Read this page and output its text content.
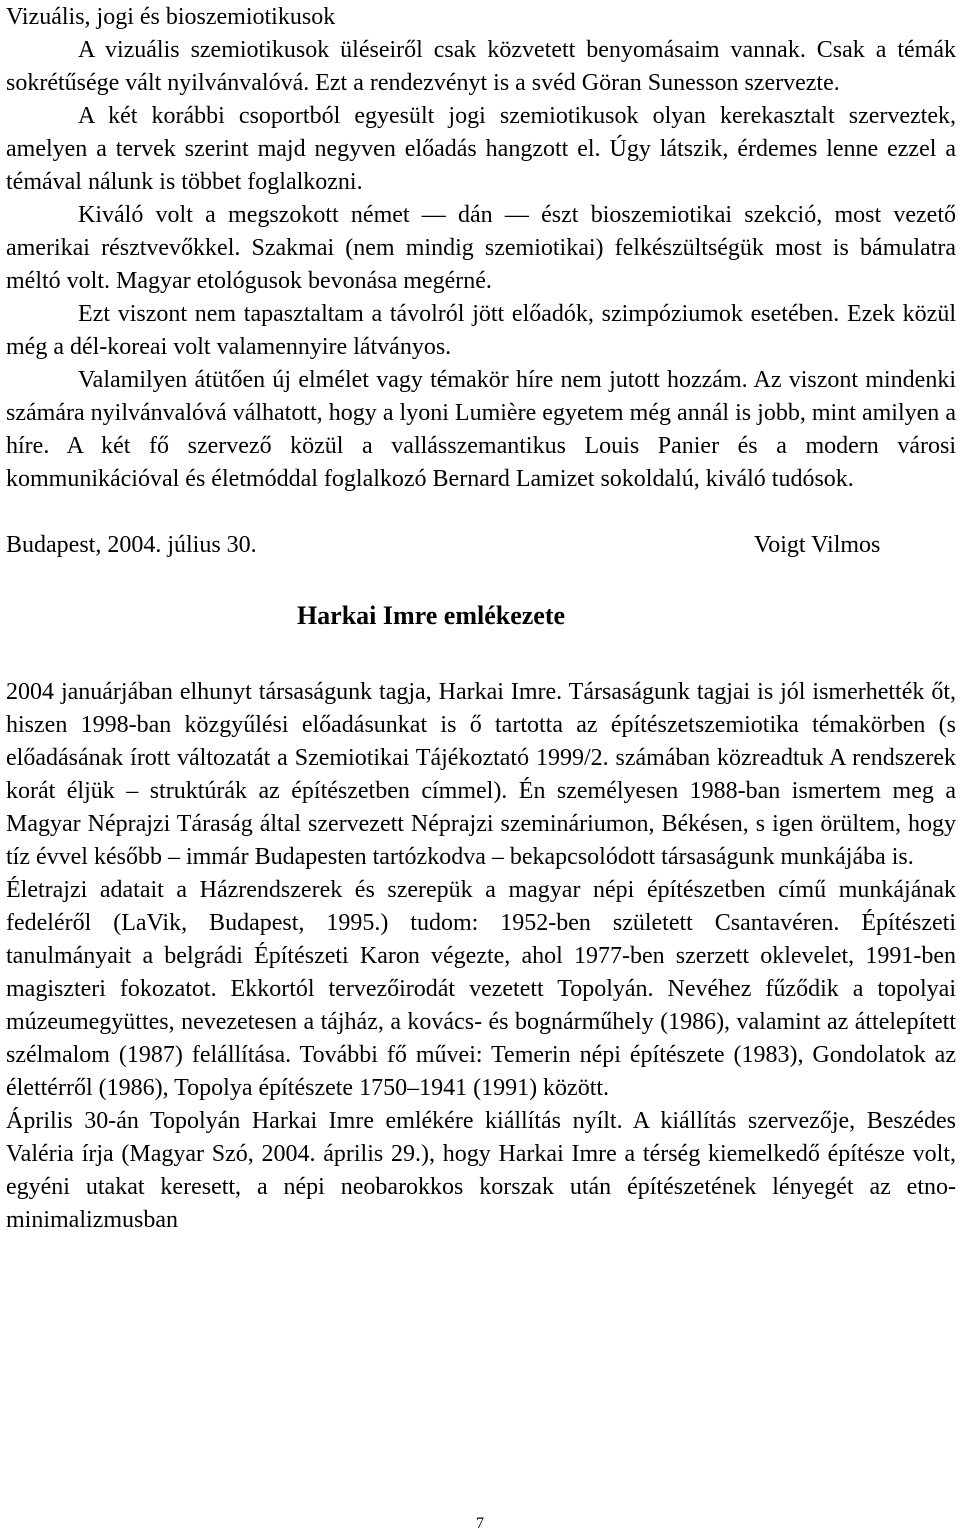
Vizuális, jogi és bioszemiotikusok

A vizuális szemiotikusok üléseiről csak közvetett benyomásaim vannak. Csak a témák sokrétűsége vált nyilvánvalóvá. Ezt a rendezvényt is a svéd Göran Sunesson szervezte.

A két korábbi csoportból egyesült jogi szemiotikusok olyan kerekasztalt szerveztek, amelyen a tervek szerint majd negyven előadás hangzott el. Úgy látszik, érdemes lenne ezzel a témával nálunk is többet foglalkozni.

Kiváló volt a megszokott német — dán — észt bioszemiotikai szekció, most vezető amerikai résztvevőkkel. Szakmai (nem mindig szemiotikai) felkészültségük most is bámulatra méltó volt. Magyar etológusok bevonása megérné.

Ezt viszont nem tapasztaltam a távolról jött előadók, szimpóziumok esetében. Ezek közül még a dél-koreai volt valamennyire látványos.

Valamilyen átütően új elmélet vagy témakör híre nem jutott hozzám. Az viszont mindenki számára nyilvánvalóvá válhatott, hogy a lyoni Lumière egyetem még annál is jobb, mint amilyen a híre. A két fő szervező közül a vallásszemantikus Louis Panier és a modern városi kommunikációval és életmóddal foglalkozó Bernard Lamizet sokoldalú, kiváló tudósok.

Budapest, 2004. július 30.	Voigt Vilmos
Harkai Imre emlékezete

2004 januárjában elhunyt társaságunk tagja, Harkai Imre. Társaságunk tagjai is jól ismerhették őt, hiszen 1998-ban közgyűlési előadásunkat is ő tartotta az építészetszemiotika témakörben (s előadásának írott változatát a Szemiotikai Tájékoztató 1999/2. számában közreadtuk A rendszerek korát éljük – struktúrák az építészetben címmel). Én személyesen 1988-ban ismertem meg a Magyar Néprajzi Táraság által szervezett Néprajzi szemináriumon, Békésen, s igen örültem, hogy tíz évvel később – immár Budapesten tartózkodva – bekapcsolódott társaságunk munkájába is.

Életrajzi adatait a Házrendszerek és szerepük a magyar népi építészetben című munkájának fedeléről (LaVik, Budapest, 1995.) tudom: 1952-ben született Csantavéren. Építészeti tanulmányait a belgrádi Építészeti Karon végezte, ahol 1977-ben szerzett oklevelet, 1991-ben magiszteri fokozatot. Ekkortól tervezőirodát vezetett Topolyán. Nevéhez fűződik a topolyai múzeumegyüttes, nevezetesen a tájház, a kovács- és bognárműhely (1986), valamint az áttelepített szélmalom (1987) felállítása. További fő művei: Temerin népi építészete (1983), Gondolatok az élettérről (1986), Topolya építészete 1750–1941 (1991) között.

Április 30-án Topolyán Harkai Imre emlékére kiállítás nyílt. A kiállítás szervezője, Beszédes Valéria írja (Magyar Szó, 2004. április 29.), hogy Harkai Imre a térség kiemelkedő építésze volt, egyéni utakat keresett, a népi neobarokkos korszak után építészetének lényegét az etno-minimalizmusban

7
